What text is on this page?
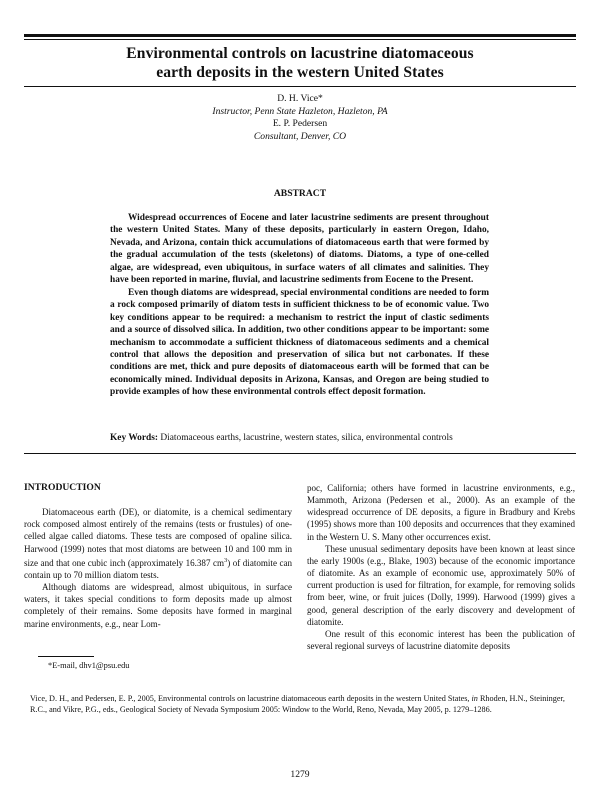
Environmental controls on lacustrine diatomaceous
earth deposits in the western United States
D. H. Vice*
Instructor, Penn State Hazleton, Hazleton, PA
E. P. Pedersen
Consultant, Denver, CO
ABSTRACT

Widespread occurrences of Eocene and later lacustrine sediments are present throughout the western United States. Many of these deposits, particularly in eastern Oregon, Idaho, Nevada, and Arizona, contain thick accumulations of diatomaceous earth that were formed by the gradual accumulation of the tests (skeletons) of diatoms. Diatoms, a type of one-celled algae, are widespread, even ubiquitous, in surface waters of all climates and salinities. They have been reported in marine, fluvial, and lacustrine sediments from Eocene to the Present.

Even though diatoms are widespread, special environmental conditions are needed to form a rock composed primarily of diatom tests in sufficient thickness to be of economic value. Two key conditions appear to be required: a mechanism to restrict the input of clastic sediments and a source of dissolved silica. In addition, two other conditions appear to be important: some mechanism to accommodate a sufficient thickness of diatomaceous sediments and a chemical control that allows the deposition and preservation of silica but not carbonates. If these conditions are met, thick and pure deposits of diatomaceous earth will be formed that can be economically mined. Individual deposits in Arizona, Kansas, and Oregon are being studied to provide examples of how these environmental controls effect deposit formation.

Key Words: Diatomaceous earths, lacustrine, western states, silica, environmental controls

INTRODUCTION

Diatomaceous earth (DE), or diatomite, is a chemical sedimentary rock composed almost entirely of the remains (tests or frustules) of one-celled algae called diatoms. These tests are composed of opaline silica. Harwood (1999) notes that most diatoms are between 10 and 100 mm in size and that one cubic inch (approximately 16.387 $cm^3$) of diatomite can contain up to 70 million diatom tests.

Although diatoms are widespread, almost ubiquitous, in surface waters, it takes special conditions to form deposits made up almost completely of their remains. Some deposits have formed in marginal marine environments, e.g., near Lom-

poc, California; others have formed in lacustrine environments, e.g., Mammoth, Arizona (Pedersen et al., 2000). As an example of the widespread occurrence of DE deposits, a figure in Bradbury and Krebs (1995) shows more than 100 deposits and occurrences that they examined in the Western U. S. Many other occurrences exist.

These unusual sedimentary deposits have been known at least since the early 1900s (e.g., Blake, 1903) because of the economic importance of diatomite. As an example of economic use, approximately 50% of current production is used for filtration, for example, for removing solids from beer, wine, or fruit juices (Dolly, 1999). Harwood (1999) gives a good, general description of the early discovery and development of diatomite.

One result of this economic interest has been the publication of several regional surveys of lacustrine diatomite deposits

*E-mail, dhv1@psu.edu
Vice, D. H., and Pedersen, E. P., 2005, Environmental controls on lacustrine diatomaceous earth deposits in the western United States, in Rhoden, H.N., Steininger, R.C., and Vikre, P.G., eds., Geological Society of Nevada Symposium 2005: Window to the World, Reno, Nevada, May 2005, p. 1279–1286.
1279
